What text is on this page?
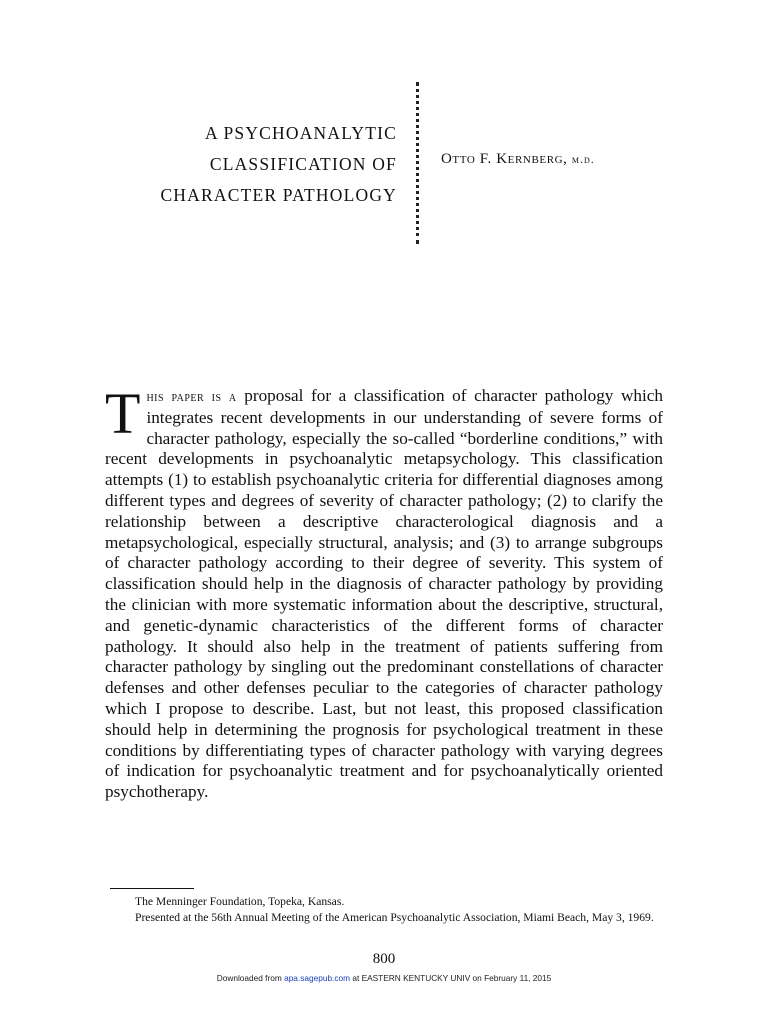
A PSYCHOANALYTIC
CLASSIFICATION OF
CHARACTER PATHOLOGY
Otto F. Kernberg, m.d.
This paper is a proposal for a classification of character pathology which integrates recent developments in our understanding of severe forms of character pathology, especially the so-called “borderline conditions,” with recent developments in psychoanalytic metapsychology. This classification attempts (1) to establish psychoanalytic criteria for differential diagnoses among different types and degrees of severity of character pathology; (2) to clarify the relationship between a descriptive characterological diagnosis and a metapsychological, especially structural, analysis; and (3) to arrange subgroups of character pathology according to their degree of severity. This system of classification should help in the diagnosis of character pathology by providing the clinician with more systematic information about the descriptive, structural, and genetic-dynamic characteristics of the different forms of character pathology. It should also help in the treatment of patients suffering from character pathology by singling out the predominant constellations of character defenses and other defenses peculiar to the categories of character pathology which I propose to describe. Last, but not least, this proposed classification should help in determining the prognosis for psychological treatment in these conditions by differentiating types of character pathology with varying degrees of indication for psychoanalytic treatment and for psychoanalytically oriented psychotherapy.

The Menninger Foundation, Topeka, Kansas.

Presented at the 56th Annual Meeting of the American Psychoanalytic Association, Miami Beach, May 3, 1969.

800
Downloaded from apa.sagepub.com at EASTERN KENTUCKY UNIV on February 11, 2015
